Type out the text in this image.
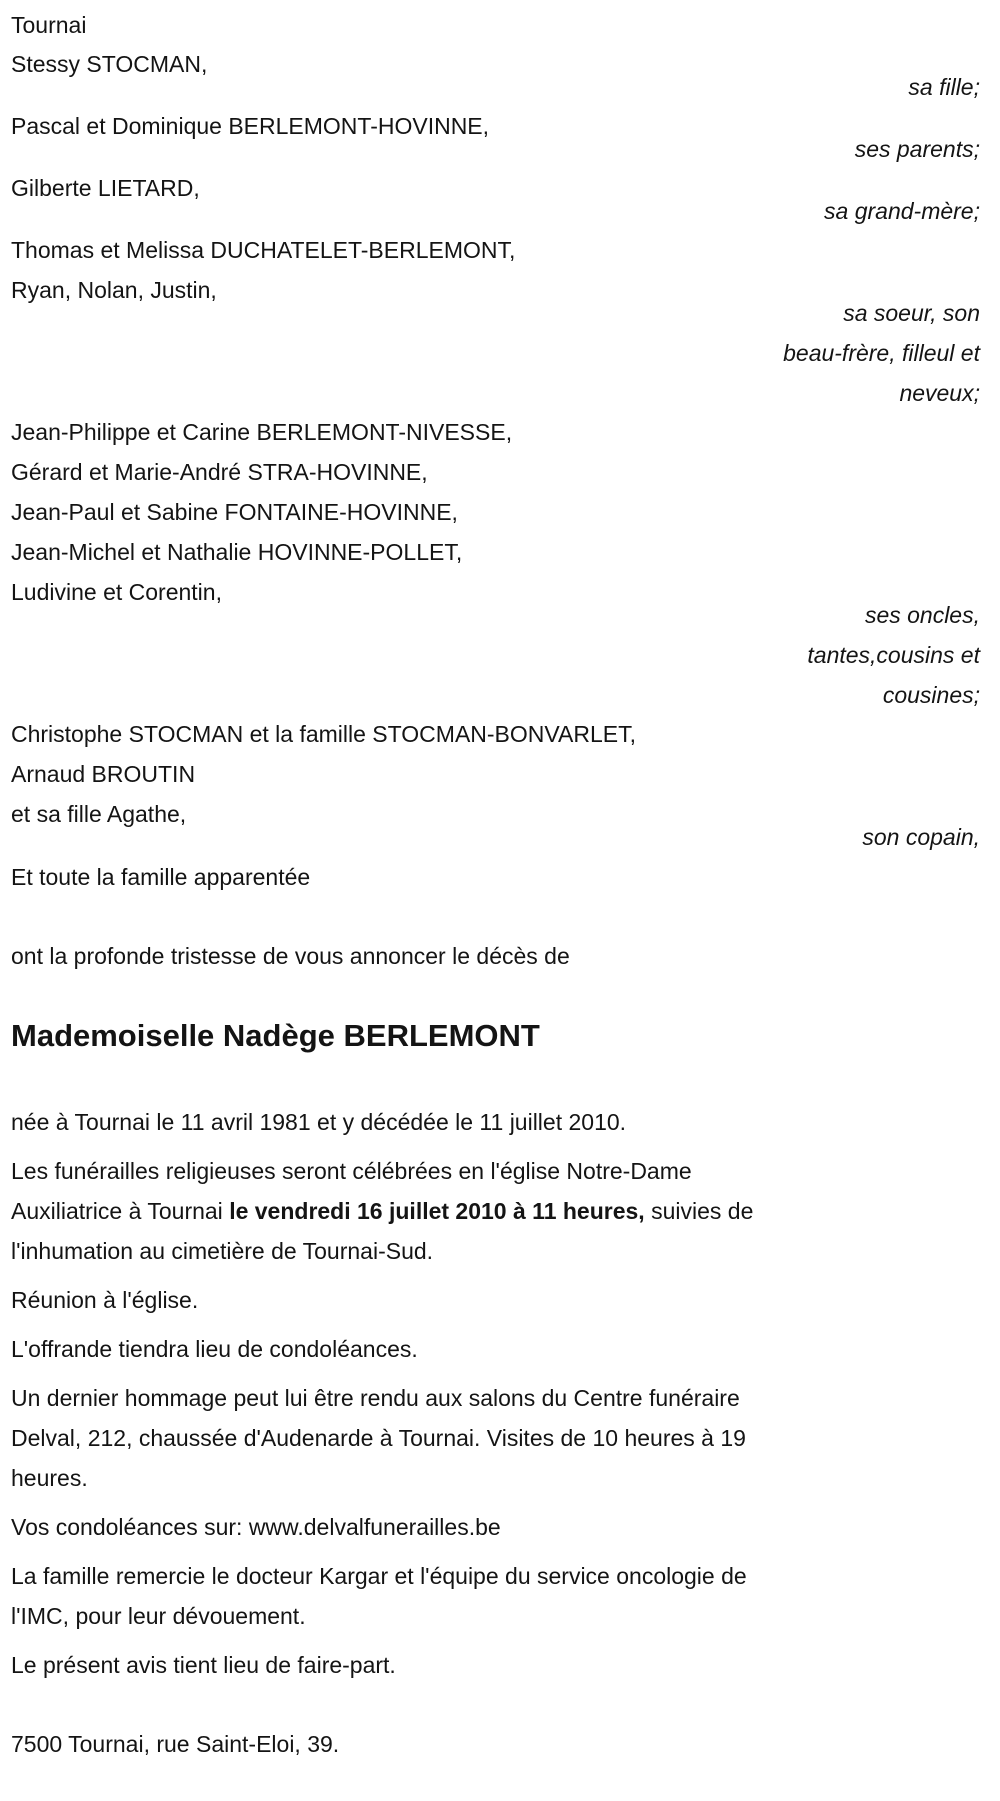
Tournai
Stessy STOCMAN,
sa fille;
Pascal et Dominique BERLEMONT-HOVINNE,
ses parents;
Gilberte LIETARD,
sa grand-mère;
Thomas et Melissa DUCHATELET-BERLEMONT,
Ryan, Nolan, Justin,
sa soeur, son
beau-frère, filleul et
neveux;
Jean-Philippe et Carine BERLEMONT-NIVESSE,
Gérard et Marie-André STRA-HOVINNE,
Jean-Paul et Sabine FONTAINE-HOVINNE,
Jean-Michel et Nathalie HOVINNE-POLLET,
Ludivine et Corentin,
ses oncles,
tantes,cousins et
cousines;
Christophe STOCMAN et la famille STOCMAN-BONVARLET,
Arnaud BROUTIN
et sa fille Agathe,
son copain,
Et toute la famille apparentée
ont la profonde tristesse de vous annoncer le décès de
Mademoiselle Nadège BERLEMONT
née à Tournai le 11 avril 1981 et y décédée le 11 juillet 2010.
Les funérailles religieuses seront célébrées en l'église Notre-Dame
Auxiliatrice à Tournai le vendredi 16 juillet 2010 à 11 heures, suivies de
l'inhumation au cimetière de Tournai-Sud.
Réunion à l'église.
L'offrande tiendra lieu de condoléances.
Un dernier hommage peut lui être rendu aux salons du Centre funéraire
Delval, 212, chaussée d'Audenarde à Tournai. Visites de 10 heures à 19
heures.
Vos condoléances sur: www.delvalfunerailles.be
La famille remercie le docteur Kargar et l'équipe du service oncologie de
l'IMC, pour leur dévouement.
Le présent avis tient lieu de faire-part.
7500 Tournai, rue Saint-Eloi, 39.
